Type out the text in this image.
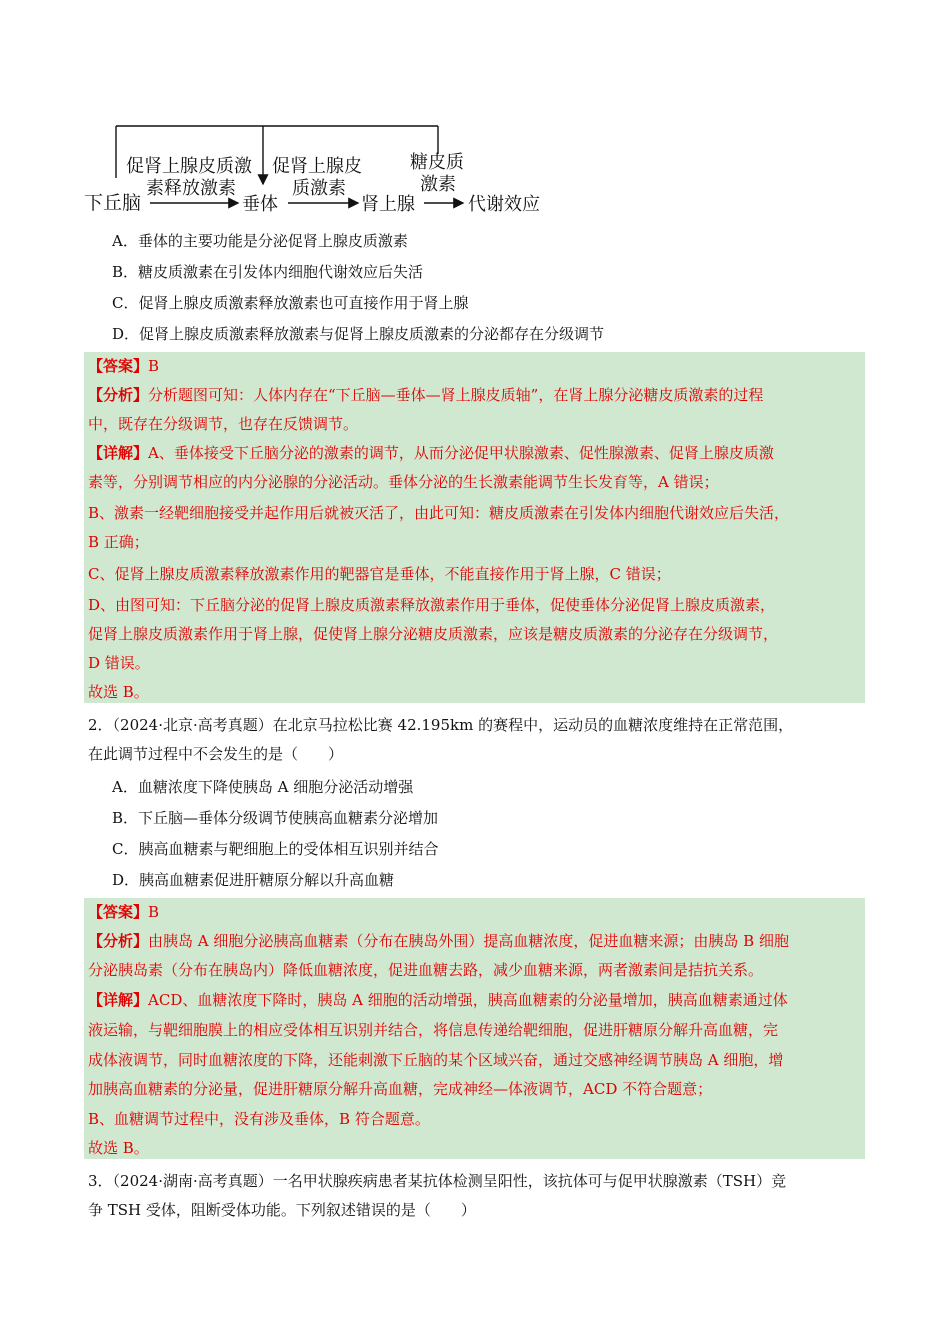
下丘脑	垂体	肾上腺	代谢效应
促肾上腺皮质激
素释放激素
促肾上腺皮
质激素
糖皮质
激素
A．垂体的主要功能是分泌促肾上腺皮质激素
B．糖皮质激素在引发体内细胞代谢效应后失活
C．促肾上腺皮质激素释放激素也可直接作用于肾上腺
D．促肾上腺皮质激素释放激素与促肾上腺皮质激素的分泌都存在分级调节
【答案】B
【分析】分析题图可知：人体内存在“下丘脑—垂体—肾上腺皮质轴”，在肾上腺分泌糖皮质激素的过程
中，既存在分级调节，也存在反馈调节。
【详解】A、垂体接受下丘脑分泌的激素的调节，从而分泌促甲状腺激素、促性腺激素、促肾上腺皮质激
素等，分别调节相应的内分泌腺的分泌活动。垂体分泌的生长激素能调节生长发育等，A 错误；
B、激素一经靶细胞接受并起作用后就被灭活了，由此可知：糖皮质激素在引发体内细胞代谢效应后失活，
B 正确；
C、促肾上腺皮质激素释放激素作用的靶器官是垂体，不能直接作用于肾上腺，C 错误；
D、由图可知：下丘脑分泌的促肾上腺皮质激素释放激素作用于垂体，促使垂体分泌促肾上腺皮质激素，
促肾上腺皮质激素作用于肾上腺，促使肾上腺分泌糖皮质激素，应该是糖皮质激素的分泌存在分级调节，
D 错误。
故选 B。
2．（2024·北京·高考真题）在北京马拉松比赛 42.195km 的赛程中，运动员的血糖浓度维持在正常范围，
在此调节过程中不会发生的是（　　）
A．血糖浓度下降使胰岛 A 细胞分泌活动增强
B．下丘脑—垂体分级调节使胰高血糖素分泌增加
C．胰高血糖素与靶细胞上的受体相互识别并结合
D．胰高血糖素促进肝糖原分解以升高血糖
【答案】B
【分析】由胰岛 A 细胞分泌胰高血糖素（分布在胰岛外围）提高血糖浓度，促进血糖来源；由胰岛 B 细胞
分泌胰岛素（分布在胰岛内）降低血糖浓度，促进血糖去路，减少血糖来源，两者激素间是拮抗关系。
【详解】ACD、血糖浓度下降时，胰岛 A 细胞的活动增强，胰高血糖素的分泌量增加，胰高血糖素通过体
液运输，与靶细胞膜上的相应受体相互识别并结合，将信息传递给靶细胞，促进肝糖原分解升高血糖，完
成体液调节，同时血糖浓度的下降，还能刺激下丘脑的某个区域兴奋，通过交感神经调节胰岛 A 细胞，增
加胰高血糖素的分泌量，促进肝糖原分解升高血糖，完成神经—体液调节，ACD 不符合题意；
B、血糖调节过程中，没有涉及垂体，B 符合题意。
故选 B。
3．（2024·湖南·高考真题）一名甲状腺疾病患者某抗体检测呈阳性，该抗体可与促甲状腺激素（TSH）竞
争 TSH 受体，阻断受体功能。下列叙述错误的是（　　）
